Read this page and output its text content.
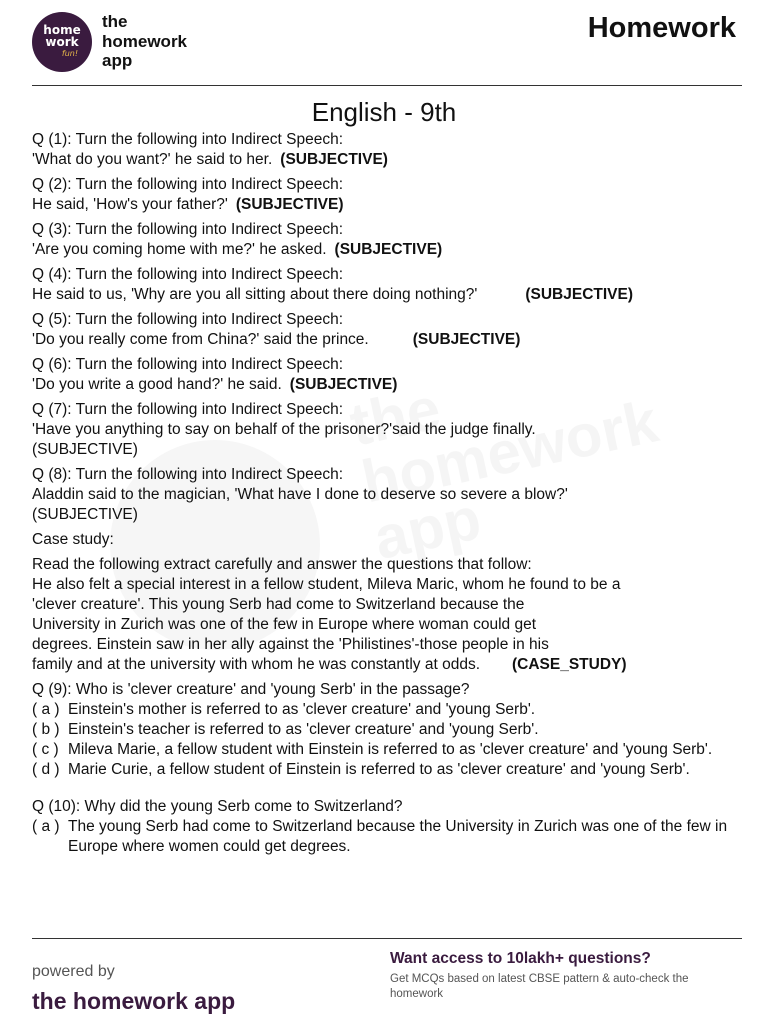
home
work
fun!
the
homework
app
Homework

English - 9th
Q (1): Turn the following into Indirect Speech:
'What do you want?' he said to her. (SUBJECTIVE)
Q (2): Turn the following into Indirect Speech:
He said, 'How's your father?' (SUBJECTIVE)
Q (3): Turn the following into Indirect Speech:
'Are you coming home with me?' he asked. (SUBJECTIVE)
Q (4): Turn the following into Indirect Speech:
He said to us, 'Why are you all sitting about there doing nothing?'	(SUBJECTIVE)
Q (5): Turn the following into Indirect Speech:
'Do you really come from China?' said the prince.	(SUBJECTIVE)
Q (6): Turn the following into Indirect Speech:
'Do you write a good hand?' he said. (SUBJECTIVE)
Q (7): Turn the following into Indirect Speech:
'Have you anything to say on behalf of the prisoner?'said the judge finally.
(SUBJECTIVE)
Q (8): Turn the following into Indirect Speech:
Aladdin said to the magician, 'What have I done to deserve so severe a blow?'
(SUBJECTIVE)
Case study:
Read the following extract carefully and answer the questions that follow:
He also felt a special interest in a fellow student, Mileva Maric, whom he found to be a
'clever creature'. This young Serb had come to Switzerland because the
University in Zurich was one of the few in Europe where woman could get
degrees. Einstein saw in her ally against the 'Philistines'-those people in his
family and at the university with whom he was constantly at odds. (CASE_STUDY)
Q (9): Who is 'clever creature' and 'young Serb' in the passage?
( a ) Einstein's mother is referred to as 'clever creature' and 'young Serb'.
( b ) Einstein's teacher is referred to as 'clever creature' and 'young Serb'.
( c ) Mileva Marie, a fellow student with Einstein is referred to as 'clever creature' and 'young Serb'.
( d ) Marie Curie, a fellow student of Einstein is referred to as 'clever creature' and 'young Serb'.
Q (10): Why did the young Serb come to Switzerland?
( a ) The young Serb had come to Switzerland because the University in Zurich was one of the few in Europe where women could get degrees.
powered by
the homework app
Want access to 10lakh+ questions?
Get MCQs based on latest CBSE pattern & auto-check the homework
